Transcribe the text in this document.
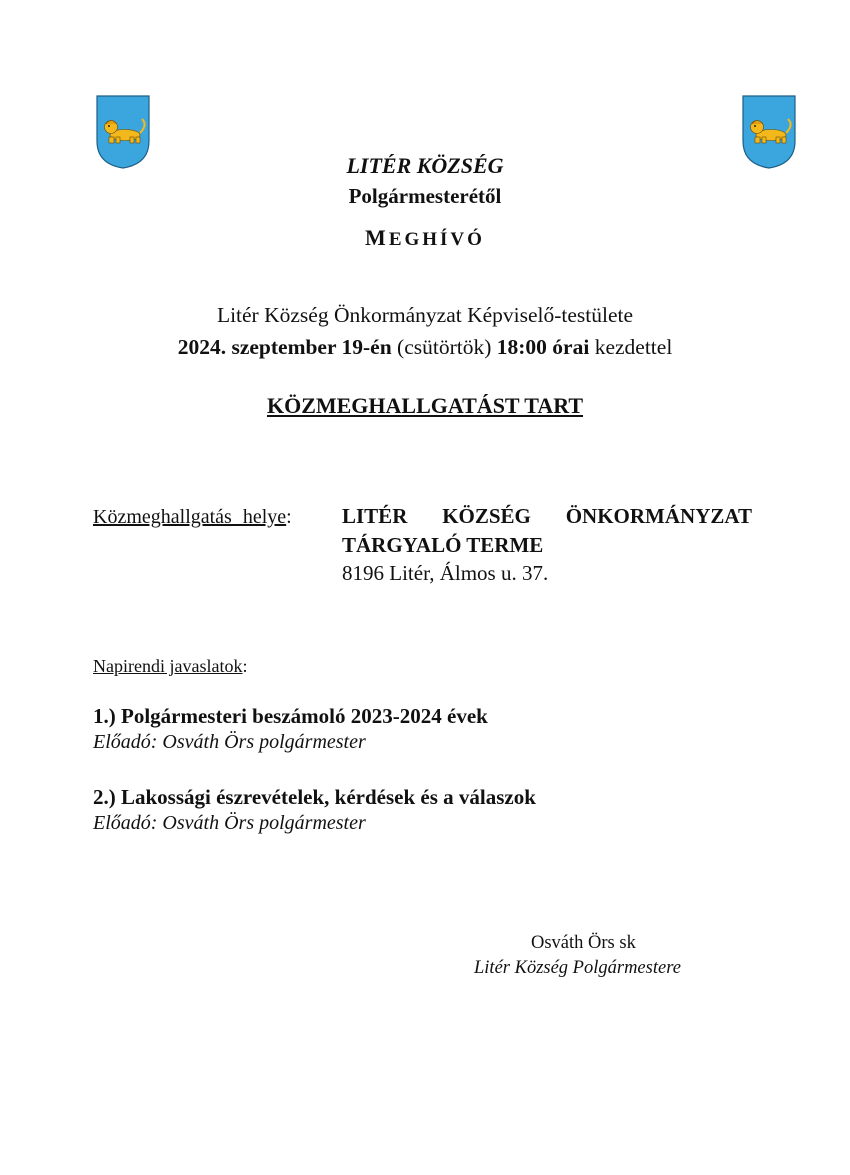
LITÉR KÖZSÉG
Polgármesterétől
MEGHÍVÓ
Litér Község Önkormányzat Képviselő-testülete
2024. szeptember 19-én (csütörtök) 18:00 órai kezdettel
KÖZMEGHALLGATÁST TART
Közmeghallgatás helye: LITÉR KÖZSÉG ÖNKORMÁNYZAT
TÁRGYALÓ TERME
8196 Litér, Álmos u. 37.
Napirendi javaslatok:
1.) Polgármesteri beszámoló 2023-2024 évek
Előadó: Osváth Örs polgármester
2.) Lakossági észrevételek, kérdések és a válaszok
Előadó: Osváth Örs polgármester
Osváth Örs sk
Litér Község Polgármestere
